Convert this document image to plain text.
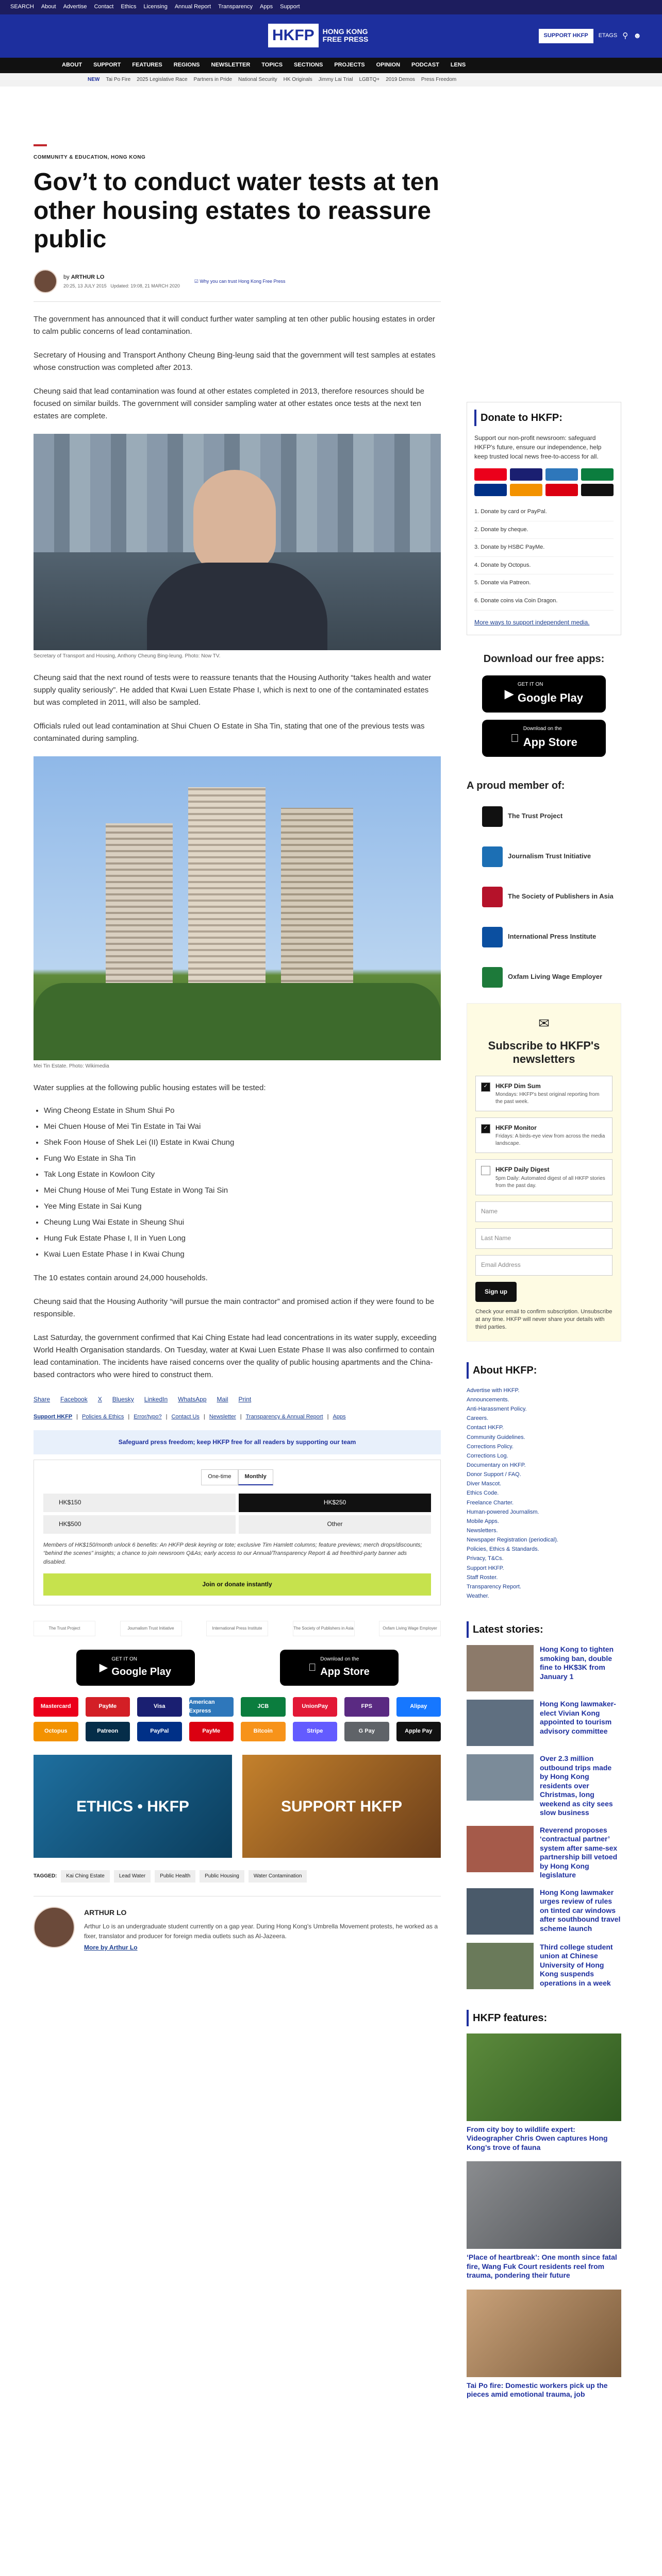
SEARCH About Advertise Contact Ethics Licensing Annual Report Transparency Apps Support
HKFP	HONG KONG
FREE PRESS	SUPPORT HKFP	ETAGS ⚲ ☻
ABOUT SUPPORT FEATURES REGIONS NEWSLETTER TOPICS SECTIONS PROJECTS OPINION PODCAST LENS
NEW Tai Po Fire 2025 Legislative Race Partners in Pride National Security HK Originals Jimmy Lai Trial LGBTQ+ 2019 Demos Press Freedom
COMMUNITY & EDUCATION, HONG KONG
Gov’t to conduct water tests at ten other housing estates to reassure public
by ARTHUR LO
20:25, 13 JULY 2015 Updated: 19:08, 21 MARCH 2020
☑ Why you can trust Hong Kong Free Press

The government has announced that it will conduct further water sampling at ten other public housing estates in order to calm public concerns of lead contamination.

Secretary of Housing and Transport Anthony Cheung Bing-leung said that the government will test samples at estates whose construction was completed after 2013.

Cheung said that lead contamination was found at other estates completed in 2013, therefore resources should be focused on similar builds. The government will consider sampling water at other estates once tests at the next ten estates are complete.

Secretary of Transport and Housing, Anthony Cheung Bing-leung. Photo: Now TV.

Cheung said that the next round of tests were to reassure tenants that the Housing Authority “takes health and water supply quality seriously”. He added that Kwai Luen Estate Phase I, which is next to one of the contaminated estates but was completed in 2011, will also be sampled.

Officials ruled out lead contamination at Shui Chuen O Estate in Sha Tin, stating that one of the previous tests was contaminated during sampling.

Mei Tin Estate. Photo: Wikimedia

Water supplies at the following public housing estates will be tested:

• Wing Cheong Estate in Shum Shui Po
• Mei Chuen House of Mei Tin Estate in Tai Wai
• Shek Foon House of Shek Lei (II) Estate in Kwai Chung
• Fung Wo Estate in Sha Tin
• Tak Long Estate in Kowloon City
• Mei Chung House of Mei Tung Estate in Wong Tai Sin
• Yee Ming Estate in Sai Kung
• Cheung Lung Wai Estate in Sheung Shui
• Hung Fuk Estate Phase I, II in Yuen Long
• Kwai Luen Estate Phase I in Kwai Chung

The 10 estates contain around 24,000 households.

Cheung said that the Housing Authority “will pursue the main contractor” and promised action if they were found to be responsible.

Last Saturday, the government confirmed that Kai Ching Estate had lead concentrations in its water supply, exceeding World Health Organisation standards. On Tuesday, water at Kwai Luen Estate Phase II was also confirmed to contain lead contamination. The incidents have raised concerns over the quality of public housing apartments and the China-based contractors who were hired to construct them.

Share Facebook X Bluesky LinkedIn WhatsApp Mail Print
Support HKFP | Policies & Ethics | Error/typo? | Contact Us | Newsletter | Transparency & Annual Report | Apps
Safeguard press freedom; keep HKFP free for all readers by supporting our team
One-time	Monthly
HK$150	HK$250
HK$500	Other

Members of HK$150/month unlock 6 benefits: An HKFP desk keyring or tote; exclusive Tim Hamlett columns; feature previews; merch drops/discounts; “behind the scenes” insights; a chance to join newsroom Q&As; early access to our Annual/Transparency Report & ad free/third-party banner ads disabled.

Join or donate instantly
The Trust Project	Journalism Trust Initiative	International Press Institute	The Society of Publishers in Asia	Oxfam Living Wage Employer
▶
GET IT ON
Google Play
Download on the
App Store
Mastercard	PayMe	Visa
American Express
JCB	UnionPay	FPS	Alipay
Octopus	Patreon	PayPal	PayMe	Bitcoin	Stripe	G Pay	Apple Pay
ETHICS • HKFP	SUPPORT HKFP
TAGGED:	Kai Ching Estate	Lead Water	Public Health	Public Housing	Water Contamination
ARTHUR LO

Arthur Lo is an undergraduate student currently on a gap year. During Hong Kong's Umbrella Movement protests, he worked as a fixer, translator and producer for foreign media outlets such as Al-Jazeera.

More by Arthur Lo
Donate to HKFP:

Support our non-profit newsroom: safeguard HKFP's future, ensure our independence, help keep trusted local news free-to-access for all.

1. Donate by card or PayPal.
2. Donate by cheque.
3. Donate by HSBC PayMe.
4. Donate by Octopus.
5. Donate via Patreon.
6. Donate coins via Coin Dragon.
More ways to support independent media.
Download our free apps:
▶
GET IT ON
Google Play
Download on the
App Store
A proud member of:
The Trust Project
Journalism Trust Initiative
The Society of Publishers in Asia
International Press Institute
Oxfam Living Wage Employer
✉
Subscribe to HKFP's newsletters
✓	HKFP Dim Sum
Mondays: HKFP's best original reporting from the past week.
✓	HKFP Monitor
Fridays: A birds-eye view from across the media landscape.
HKFP Daily Digest
5pm Daily: Automated digest of all HKFP stories from the past day.
Name
Last Name
Email Address
Sign up

Check your email to confirm subscription. Unsubscribe at any time. HKFP will never share your details with third parties.

About HKFP:
Advertise with HKFP.
Announcements.
Anti-Harassment Policy.
Careers.
Contact HKFP.
Community Guidelines.
Corrections Policy.
Corrections Log.
Documentary on HKFP.
Donor Support / FAQ.
Diver Mascot.
Ethics Code.
Freelance Charter.
Human-powered Journalism.
Mobile Apps.
Newsletters.
Newspaper Registration (periodical).
Policies, Ethics & Standards.
Privacy, T&Cs.
Support HKFP.
Staff Roster.
Transparency Report.
Weather.
Latest stories:

Hong Kong to tighten smoking ban, double fine to HK$3K from January 1

Hong Kong lawmaker-elect Vivian Kong appointed to tourism advisory committee

Over 2.3 million outbound trips made by Hong Kong residents over Christmas, long weekend as city sees slow business

Reverend proposes ‘contractual partner’ system after same-sex partnership bill vetoed by Hong Kong legislature

Hong Kong lawmaker urges review of rules on tinted car windows after southbound travel scheme launch

Third college student union at Chinese University of Hong Kong suspends operations in a week

HKFP features:

From city boy to wildlife expert: Videographer Chris Owen captures Hong Kong’s trove of fauna

‘Place of heartbreak’: One month since fatal fire, Wang Fuk Court residents reel from trauma, pondering their future

Tai Po fire: Domestic workers pick up the pieces amid emotional trauma, job
